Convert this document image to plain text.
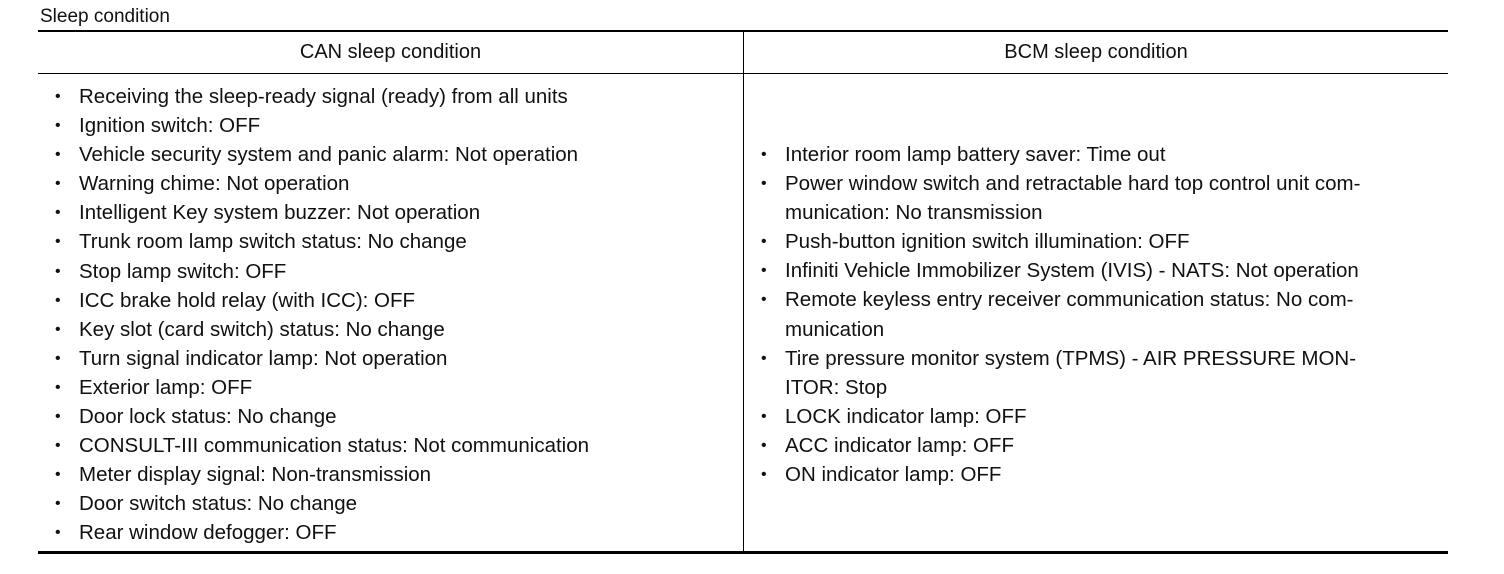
Sleep condition
CAN sleep condition	BCM sleep condition
• Receiving the sleep-ready signal (ready) from all units
• Ignition switch: OFF
• Vehicle security system and panic alarm: Not operation
• Warning chime: Not operation
• Intelligent Key system buzzer: Not operation
• Trunk room lamp switch status: No change
• Stop lamp switch: OFF
• ICC brake hold relay (with ICC): OFF
• Key slot (card switch) status: No change
• Turn signal indicator lamp: Not operation
• Exterior lamp: OFF
• Door lock status: No change
• CONSULT-III communication status: Not communication
• Meter display signal: Non-transmission
• Door switch status: No change
• Rear window defogger: OFF
• Interior room lamp battery saver: Time out
• Power window switch and retractable hard top control unit com-
munication: No transmission
• Push-button ignition switch illumination: OFF
• Infiniti Vehicle Immobilizer System (IVIS) - NATS: Not operation
• Remote keyless entry receiver communication status: No com-
munication
• Tire pressure monitor system (TPMS) - AIR PRESSURE MON-
ITOR: Stop
• LOCK indicator lamp: OFF
• ACC indicator lamp: OFF
• ON indicator lamp: OFF
